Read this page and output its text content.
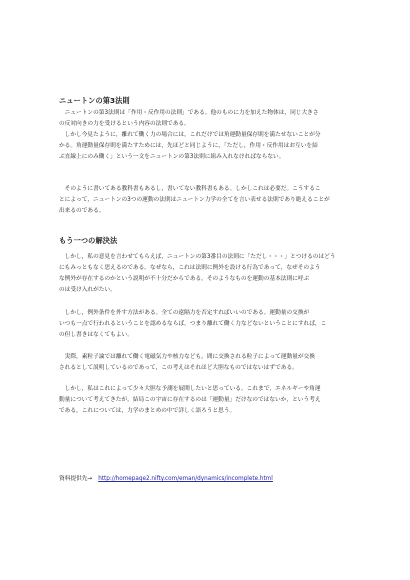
ニュートンの第3法則
　ニュートンの第3法則は「作用・反作用の法則」である。他のものに力を加えた物体は，同じ大きさ
の反対向きの力を受けるという内容の法則である。
　しかし今見たように，離れて働く力の場合には，これだけでは角運動量保存則を満たせないことが分
かる。角運動量保存則を満たすためには，先ほどと同じように，「ただし，作用・反作用はお互いを結
ぶ直線上にのみ働く」という一文をニュートンの第3法則に組み入れなければならない。
　そのように書いてある教科書もあるし，書いてない教科書もある。しかしこれは必要だ。こうするこ
とによって，ニュートンの3つの運動の法則はニュートン力学の全てを言い表せる法則であり絶えることが
出来るのである。
もう一つの解決法
　しかし，私の意見を言わせてもらえば，ニュートンの第3番目の法則に「ただし・・・」とつけるのはどう
にもみっともなく思えるのである。なぜなら，これは法則に例外を設ける行為であって，なぜそのよう
な例外が存在するのかという説明が不十分だからである。そのようなものを運動の基本法則に呼ぶ
のは受け入れがたい。
　しかし，例外条件を外す方法がある。全ての遠隔力を否定すればいいのである。運動量の交換が
いつも一点で行われるということを認めるならば，つまり離れて働く力などないということにすれば，こ
の但し書きはなくてもよい。
　実際，素粒子論では離れて働く電磁気力や核力なども，間に交換される粒子によって運動量が交換
されるとして説明しているのであって，この考えはそれほど大胆なものではないはずである。
　しかし，私はこれによって少々大胆な予測を展開したいと思っている。これまで，エネルギーや角運
動量について考えてきたが，結局この宇宙に存在するのは「運動量」だけなのではないか，という考え
である。これについては，力学のまとめの中で詳しく語ろうと思う。
資料提供先→ http://homepage2.nifty.com/eman/dynamics/incomplete.html
